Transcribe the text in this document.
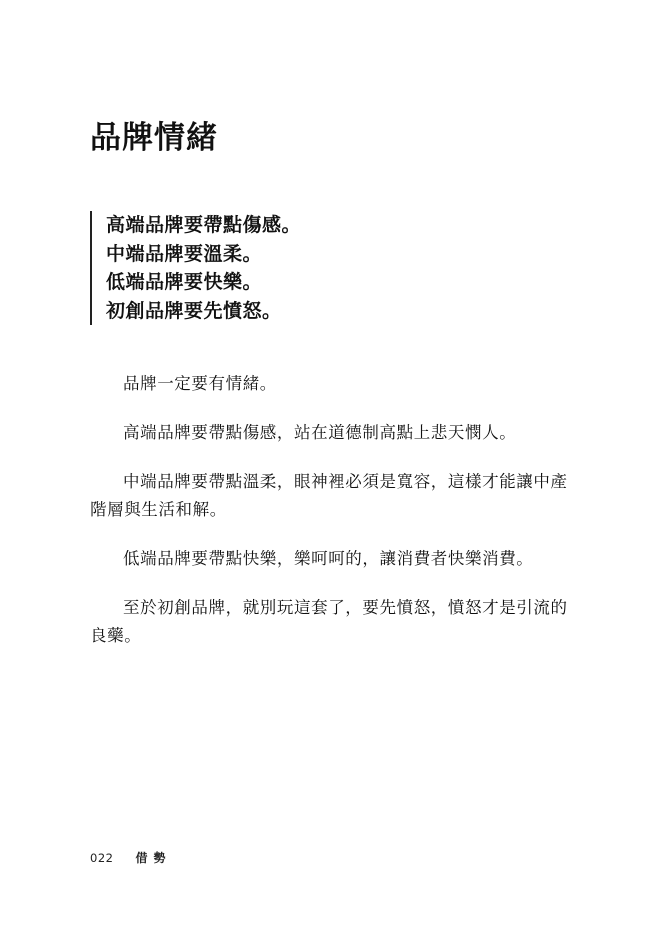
品牌情緒

高端品牌要帶點傷感。

中端品牌要溫柔。

低端品牌要快樂。

初創品牌要先憤怒。

品牌一定要有情緒。

高端品牌要帶點傷感，站在道德制高點上悲天憫人。

中端品牌要帶點溫柔，眼神裡必須是寬容，這樣才能讓中產階層與生活和解。

低端品牌要帶點快樂，樂呵呵的，讓消費者快樂消費。

至於初創品牌，就別玩這套了，要先憤怒，憤怒才是引流的良藥。

022 借勢
